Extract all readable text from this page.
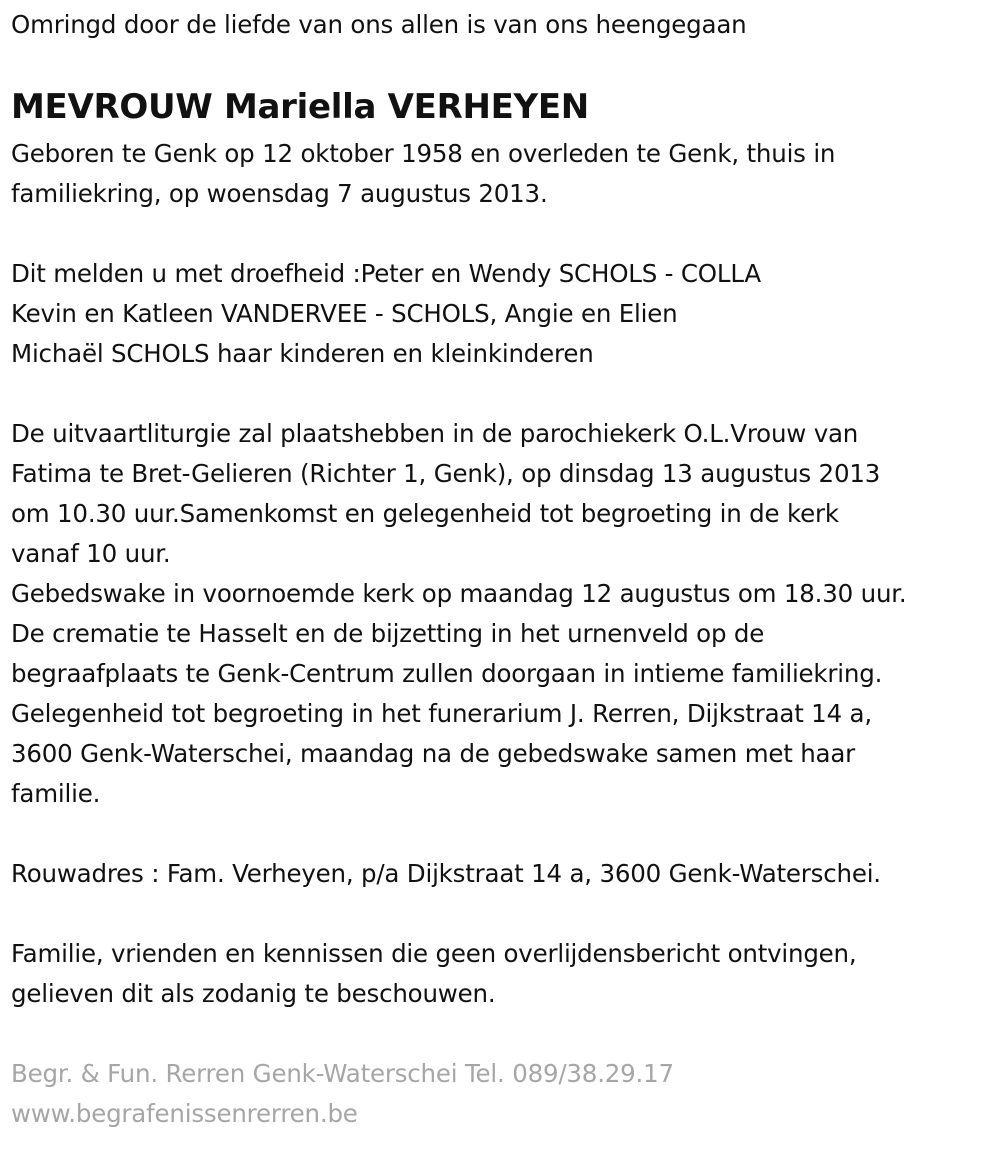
Omringd door de liefde van ons allen is van ons heengegaan
MEVROUW Mariella VERHEYEN
Geboren te Genk op 12 oktober 1958 en overleden te Genk, thuis in
familiekring, op woensdag 7 augustus 2013.
Dit melden u met droefheid :Peter en Wendy SCHOLS - COLLA
Kevin en Katleen VANDERVEE - SCHOLS, Angie en Elien
Michaël SCHOLS haar kinderen en kleinkinderen
De uitvaartliturgie zal plaatshebben in de parochiekerk O.L.Vrouw van
Fatima te Bret-Gelieren (Richter 1, Genk), op dinsdag 13 augustus 2013
om 10.30 uur.Samenkomst en gelegenheid tot begroeting in de kerk
vanaf 10 uur.
Gebedswake in voornoemde kerk op maandag 12 augustus om 18.30 uur.
De crematie te Hasselt en de bijzetting in het urnenveld op de
begraafplaats te Genk-Centrum zullen doorgaan in intieme familiekring.
Gelegenheid tot begroeting in het funerarium J. Rerren, Dijkstraat 14 a,
3600 Genk-Waterschei, maandag na de gebedswake samen met haar
familie.
Rouwadres : Fam. Verheyen, p/a Dijkstraat 14 a, 3600 Genk-Waterschei.
Familie, vrienden en kennissen die geen overlijdensbericht ontvingen,
gelieven dit als zodanig te beschouwen.
Begr. & Fun. Rerren Genk-Waterschei Tel. 089/38.29.17
www.begrafenissenrerren.be
